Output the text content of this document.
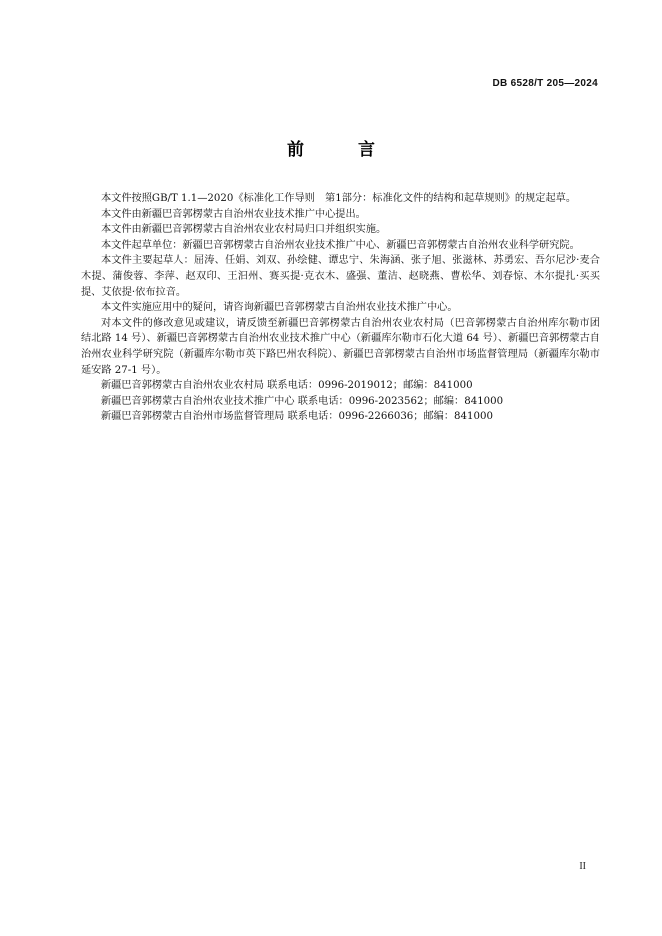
DB 6528/T 205—2024
前 言

本文件按照GB/T 1.1—2020《标准化工作导则　第1部分：标准化文件的结构和起草规则》的规定起草。

本文件由新疆巴音郭楞蒙古自治州农业技术推广中心提出。

本文件由新疆巴音郭楞蒙古自治州农业农村局归口并组织实施。

本文件起草单位：新疆巴音郭楞蒙古自治州农业技术推广中心、新疆巴音郭楞蒙古自治州农业科学研究院。

本文件主要起草人：屈涛、任娟、刘双、孙绘健、谭忠宁、朱海涵、张子旭、张滋林、苏勇宏、吾尔尼沙·麦合木提、蒲俊蓉、李萍、赵双印、王汩州、赛买提·克衣木、盛强、董洁、赵晓燕、曹松华、刘春惊、木尔提扎·买买提、艾依提·依布拉音。

本文件实施应用中的疑问，请咨询新疆巴音郭楞蒙古自治州农业技术推广中心。

对本文件的修改意见或建议，请反馈至新疆巴音郭楞蒙古自治州农业农村局（巴音郭楞蒙古自治州库尔勒市团结北路 14 号）、新疆巴音郭楞蒙古自治州农业技术推广中心（新疆库尔勒市石化大道 64 号）、新疆巴音郭楞蒙古自治州农业科学研究院（新疆库尔勒市英下路巴州农科院）、新疆巴音郭楞蒙古自治州市场监督管理局（新疆库尔勒市延安路 27-1 号）。

新疆巴音郭楞蒙古自治州农业农村局 联系电话：0996-2019012；邮编：841000
新疆巴音郭楞蒙古自治州农业技术推广中心 联系电话：0996-2023562；邮编：841000
新疆巴音郭楞蒙古自治州市场监督管理局 联系电话：0996-2266036；邮编：841000
II
